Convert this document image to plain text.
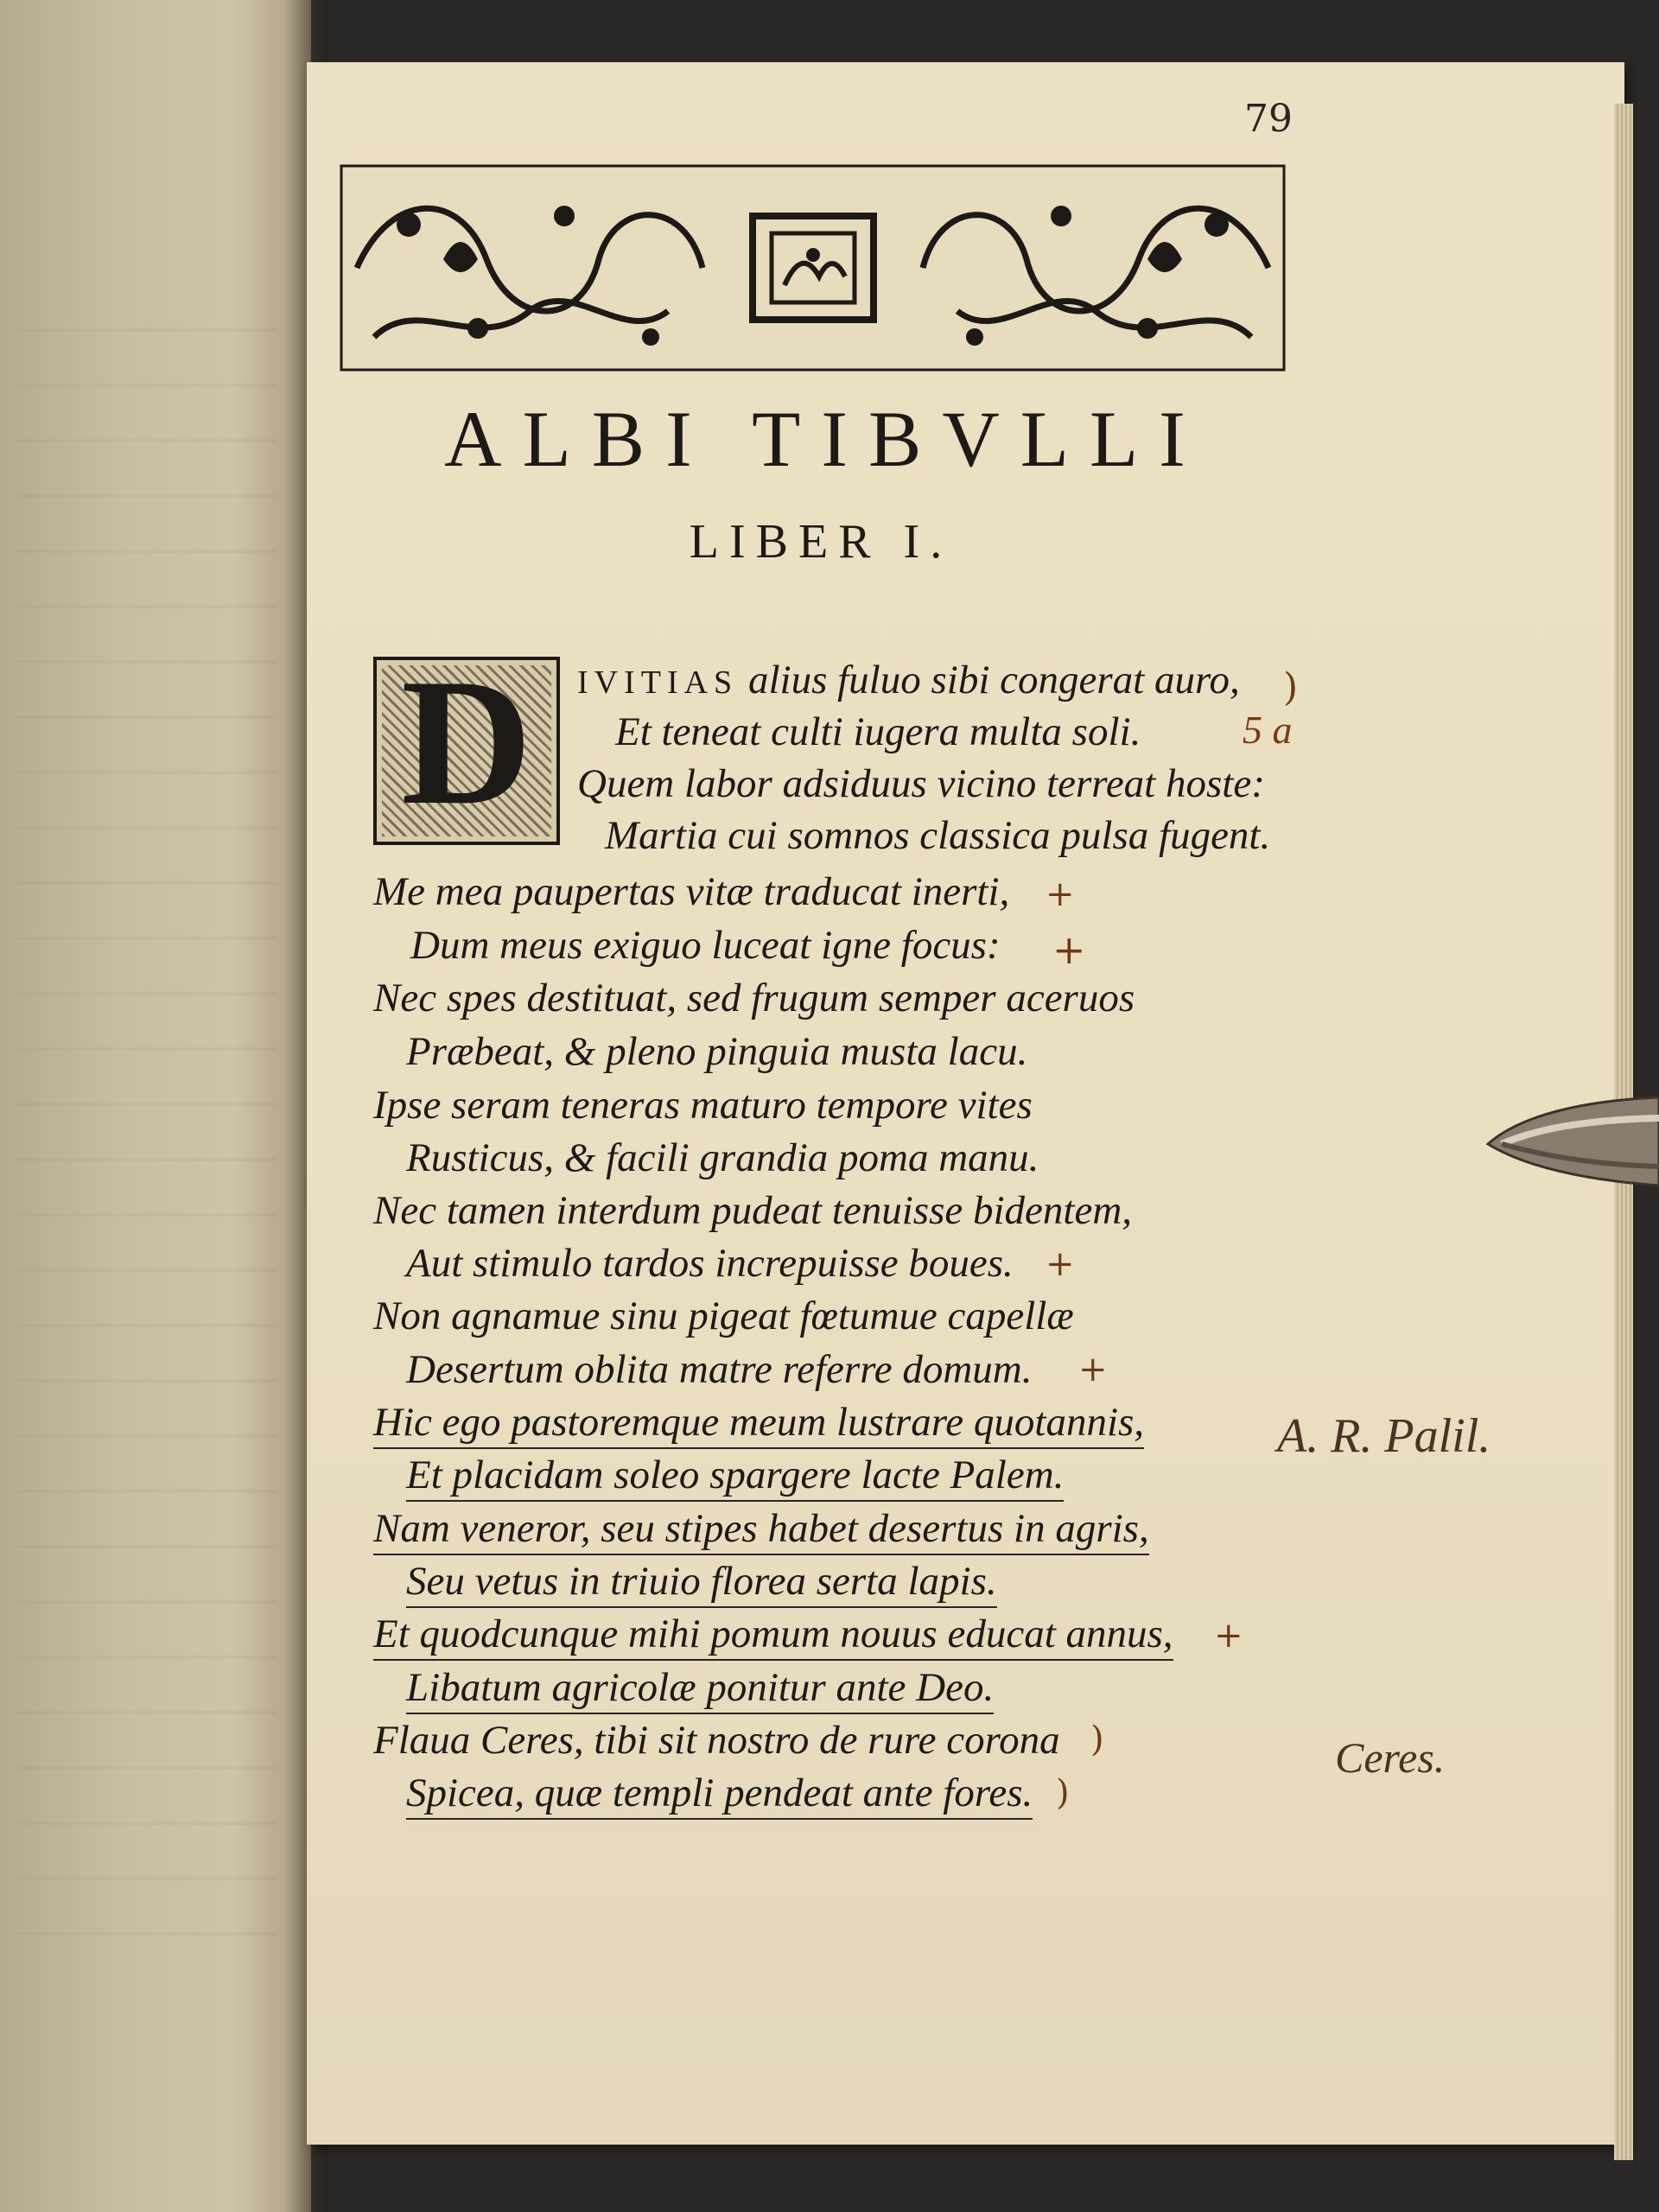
79
ALBI TIBVLLI
LIBER I.
D	IVITIAS alius fuluo sibi congerat auro,
Et teneat culti iugera multa soli.
Quem labor adsiduus vicino terreat hoste:
Martia cui somnos classica pulsa fugent.
Me mea paupertas vitæ traducat inerti,
Dum meus exiguo luceat igne focus:
Nec spes destituat, sed frugum semper aceruos
Præbeat, & pleno pinguia musta lacu.
Ipse seram teneras maturo tempore vites
Rusticus, & facili grandia poma manu.
Nec tamen interdum pudeat tenuisse bidentem,
Aut stimulo tardos increpuisse boues.
Non agnamue sinu pigeat fœtumue capellæ
Desertum oblita matre referre domum.
Hic ego pastoremque meum lustrare quotannis,
Et placidam soleo spargere lacte Palem.
Nam veneror, seu stipes habet desertus in agris,
Seu vetus in triuio florea serta lapis.
Et quodcunque mihi pomum nouus educat annus,
Libatum agricolæ ponitur ante Deo.
Flaua Ceres, tibi sit nostro de rure corona
Spicea, quæ templi pendeat ante fores.
)
+
+
+
+
+
)
)
5 a
A. R. Palil.
Ceres.
